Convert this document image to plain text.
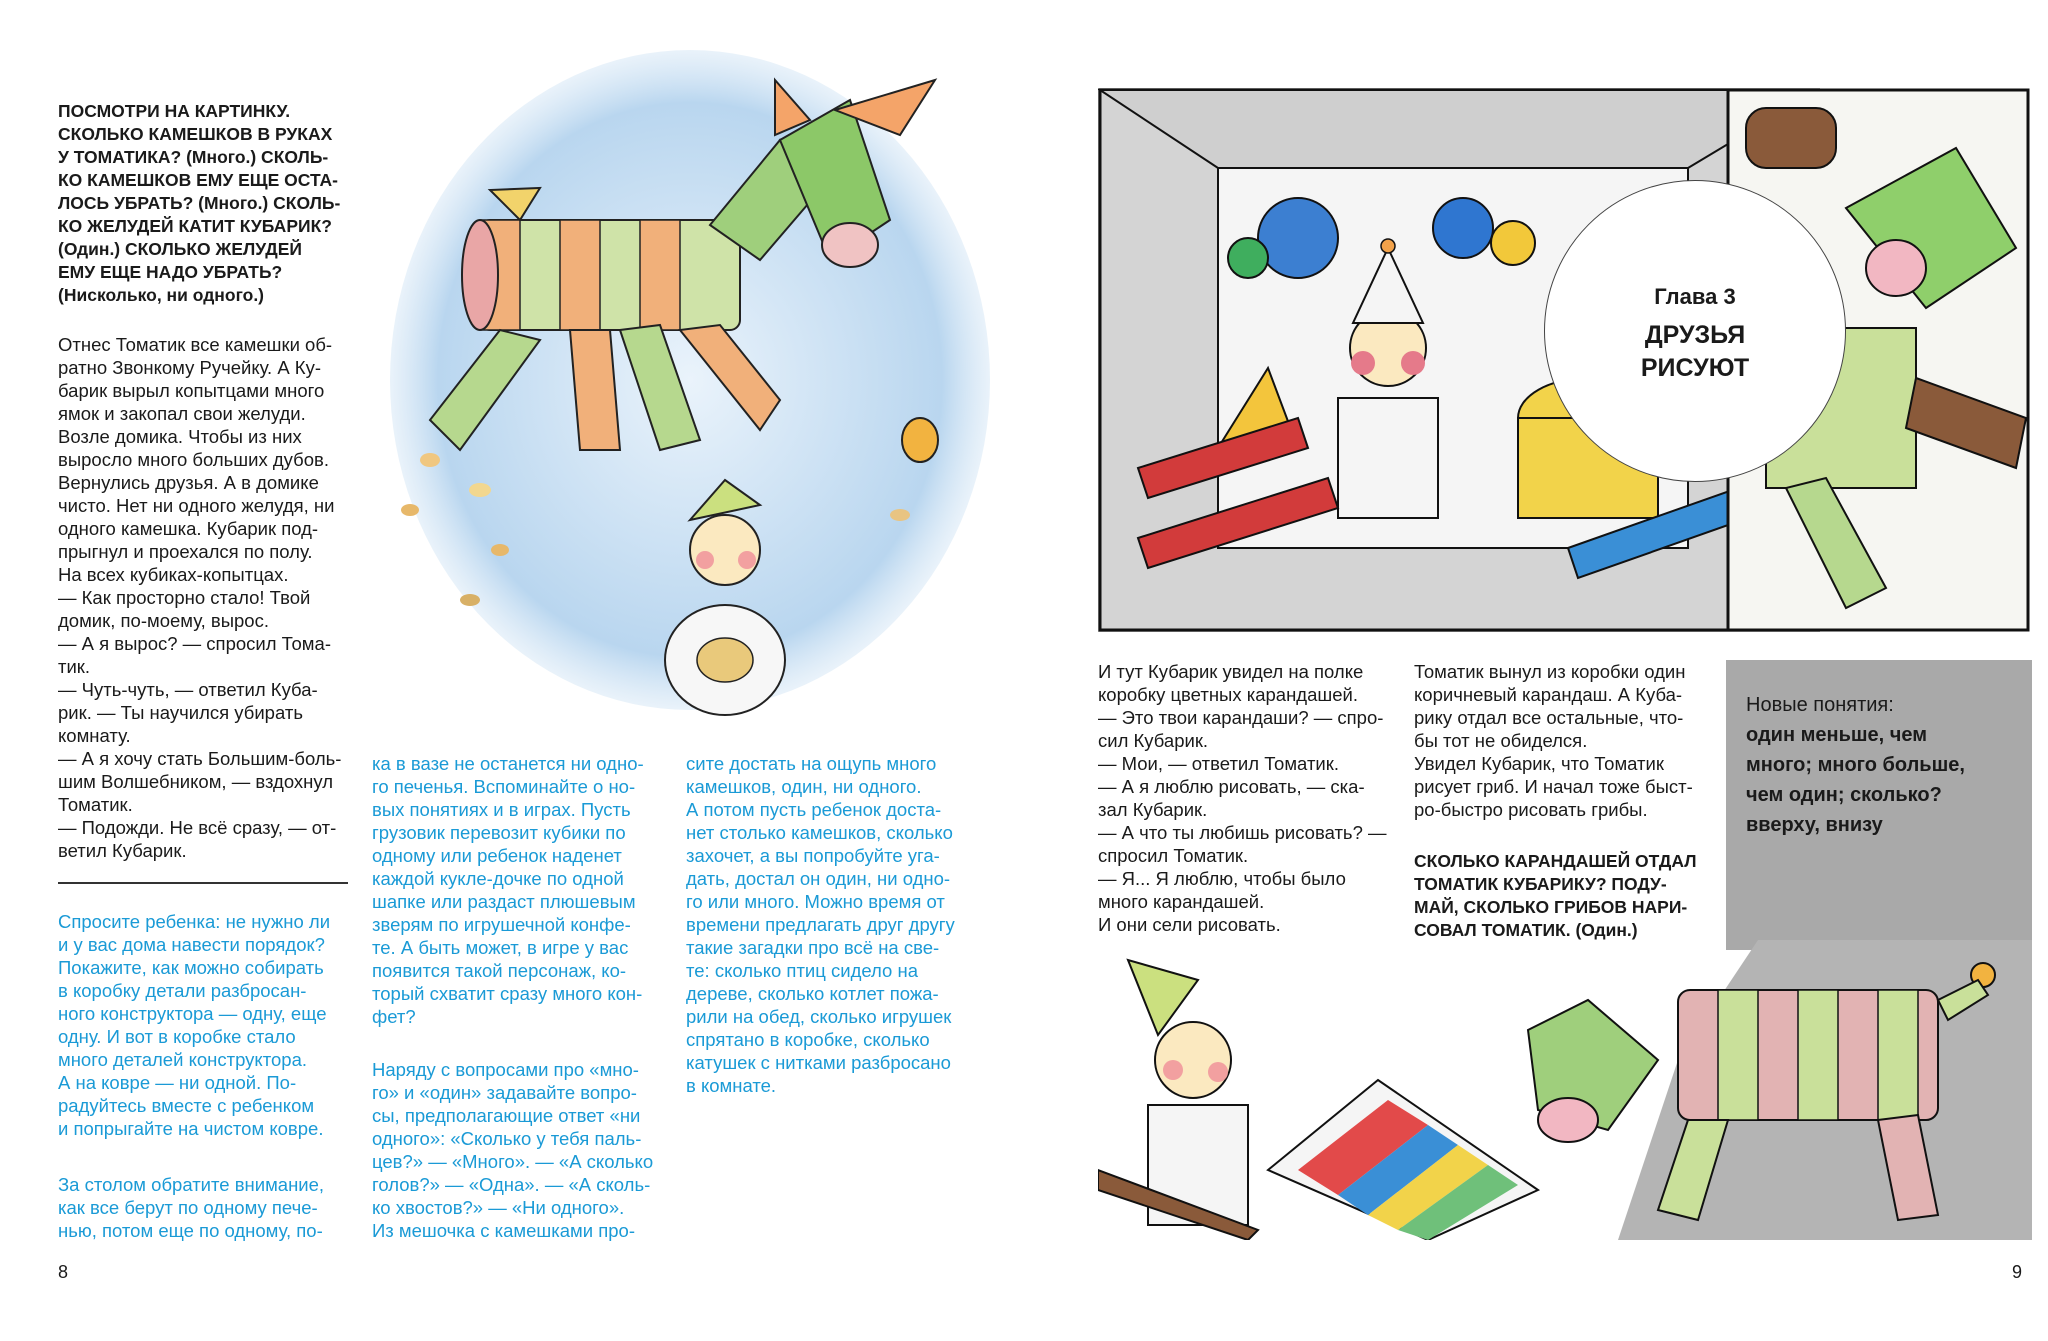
ПОСМОТРИ НА КАРТИНКУ.
СКОЛЬКО КАМЕШКОВ В РУКАХ
У ТОМАТИКА? (Много.) СКОЛЬ-
КО КАМЕШКОВ ЕМУ ЕЩЕ ОСТА-
ЛОСЬ УБРАТЬ? (Много.) СКОЛЬ-
КО ЖЕЛУДЕЙ КАТИТ КУБАРИК?
(Один.) СКОЛЬКО ЖЕЛУДЕЙ
ЕМУ ЕЩЕ НАДО УБРАТЬ?
(Нисколько, ни одного.)

Отнес Томатик все камешки об-
ратно Звонкому Ручейку. А Ку-
барик вырыл копытцами много
ямок и закопал свои желуди.
Возле домика. Чтобы из них
выросло много больших дубов.
Вернулись друзья. А в домике
чисто. Нет ни одного желудя, ни
одного камешка. Кубарик под-
прыгнул и проехался по полу.
На всех кубиках-копытцах.
— Как просторно стало! Твой
домик, по-моему, вырос.
— А я вырос? — спросил Тома-
тик.
— Чуть-чуть, — ответил Куба-
рик. — Ты научился убирать
комнату.
— А я хочу стать Большим-боль-
шим Волшебником, — вздохнул
Томатик.
— Подожди. Не всё сразу, — от-
ветил Кубарик.

Спросите ребенка: не нужно ли
и у вас дома навести порядок?
Покажите, как можно собирать
в коробку детали разбросан-
ного конструктора — одну, еще
одну. И вот в коробке стало
много деталей конструктора.
А на ковре — ни одной. По-
радуйтесь вместе с ребенком
и попрыгайте на чистом ковре.

За столом обратите внимание,
как все берут по одному пече-
нью, потом еще по одному, по-

ка в вазе не останется ни одно-
го печенья. Вспоминайте о но-
вых понятиях и в играх. Пусть
грузовик перевозит кубики по
одному или ребенок наденет
каждой кукле-дочке по одной
шапке или раздаст плюшевым
зверям по игрушечной конфе-
те. А быть может, в игре у вас
появится такой персонаж, ко-
торый схватит сразу много кон-
фет?

Наряду с вопросами про «мно-
го» и «один» задавайте вопро-
сы, предполагающие ответ «ни
одного»: «Сколько у тебя паль-
цев?» — «Много». — «А сколько
голов?» — «Одна». — «А сколь-
ко хвостов?» — «Ни одного».
Из мешочка с камешками про-

сите достать на ощупь много
камешков, один, ни одного.
А потом пусть ребенок доста-
нет столько камешков, сколько
захочет, а вы попробуйте уга-
дать, достал он один, ни одно-
го или много. Можно время от
времени предлагать друг другу
такие загадки про всё на све-
те: сколько птиц сидело на
дереве, сколько котлет пожа-
рили на обед, сколько игрушек
спрятано в коробке, сколько
катушек с нитками разбросано
в комнате.

8
Глава 3
ДРУЗЬЯ
РИСУЮТ

И тут Кубарик увидел на полке
коробку цветных карандашей.
— Это твои карандаши? — спро-
сил Кубарик.
— Мои, — ответил Томатик.
— А я люблю рисовать, — ска-
зал Кубарик.
— А что ты любишь рисовать? —
спросил Томатик.
— Я... Я люблю, чтобы было
много карандашей.
И они сели рисовать.

Томатик вынул из коробки один
коричневый карандаш. А Куба-
рику отдал все остальные, что-
бы тот не обиделся.
Увидел Кубарик, что Томатик
рисует гриб. И начал тоже быст-
ро-быстро рисовать грибы.

СКОЛЬКО КАРАНДАШЕЙ ОТДАЛ
ТОМАТИК КУБАРИКУ? ПОДУ-
МАЙ, СКОЛЬКО ГРИБОВ НАРИ-
СОВАЛ ТОМАТИК. (Один.)

Новые понятия:
один меньше, чем
много; много больше,
чем один; сколько?
вверху, внизу
9
